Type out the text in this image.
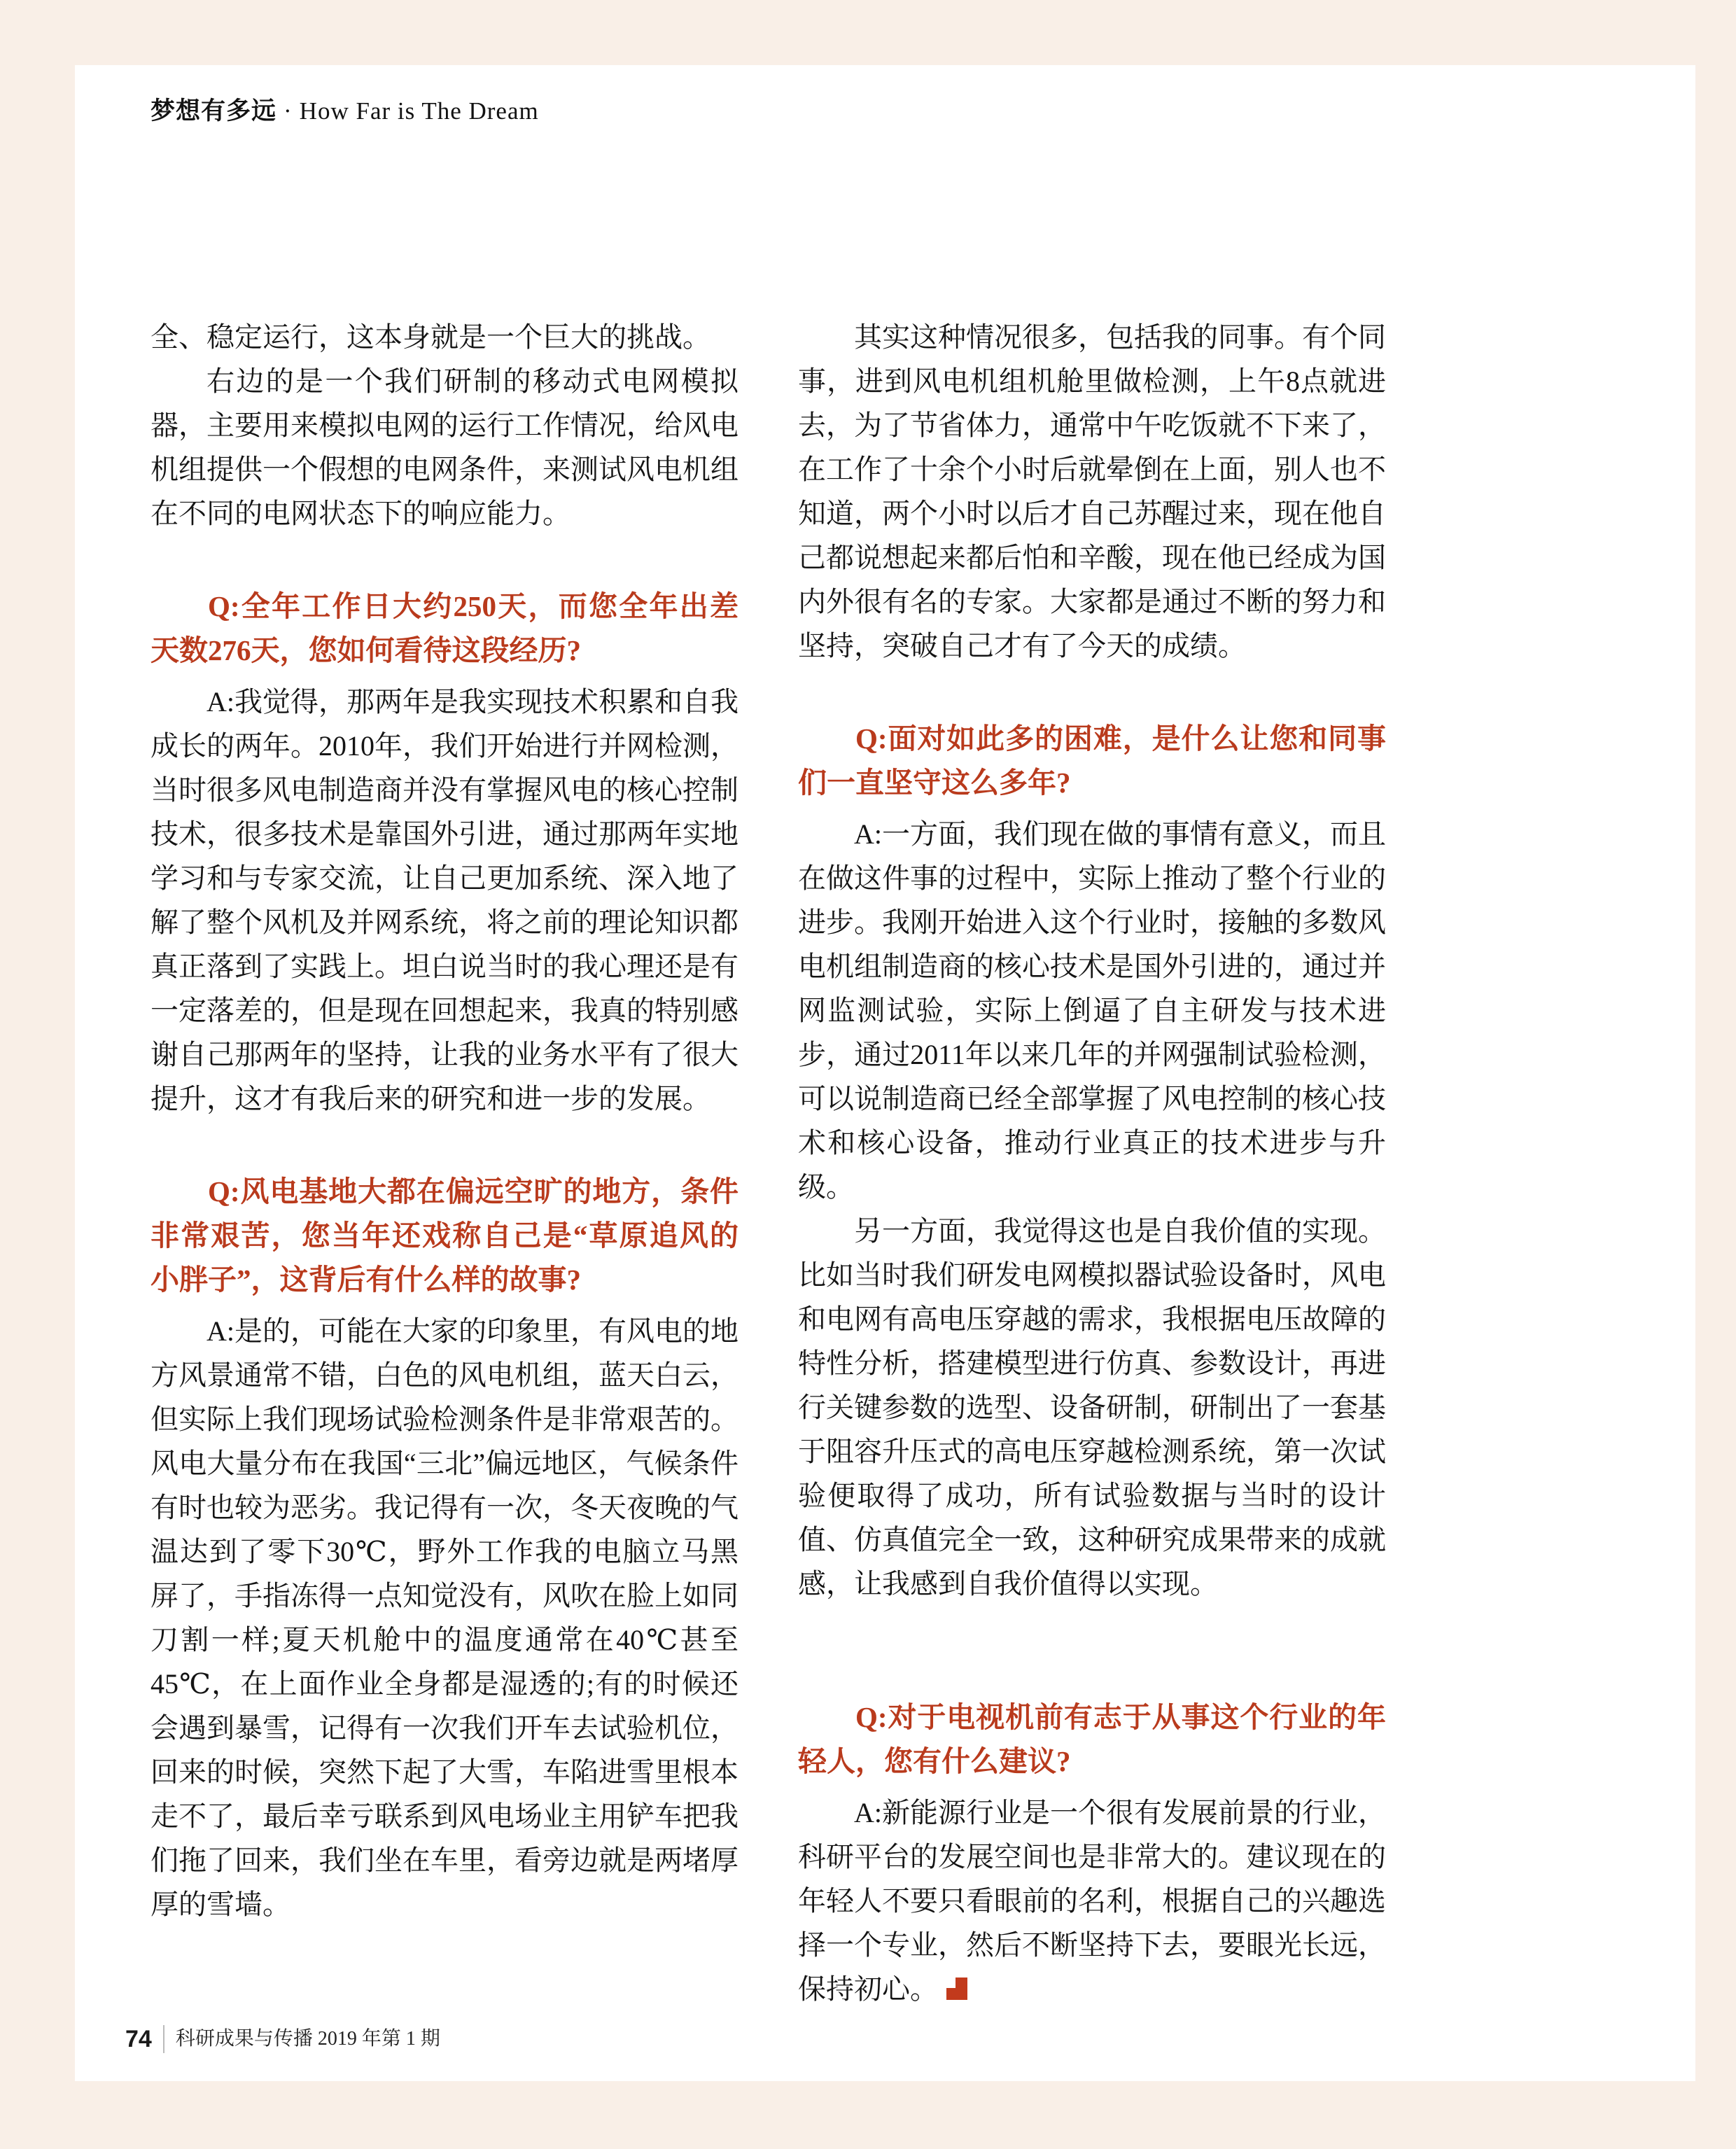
梦想有多远 · How Far is The Dream

全、稳定运行，这本身就是一个巨大的挑战。

右边的是一个我们研制的移动式电网模拟器，主要用来模拟电网的运行工作情况，给风电机组提供一个假想的电网条件，来测试风电机组在不同的电网状态下的响应能力。

Q:全年工作日大约250天，而您全年出差天数276天，您如何看待这段经历?

A:我觉得，那两年是我实现技术积累和自我成长的两年。2010年，我们开始进行并网检测，当时很多风电制造商并没有掌握风电的核心控制技术，很多技术是靠国外引进，通过那两年实地学习和与专家交流，让自己更加系统、深入地了解了整个风机及并网系统，将之前的理论知识都真正落到了实践上。坦白说当时的我心理还是有一定落差的，但是现在回想起来，我真的特别感谢自己那两年的坚持，让我的业务水平有了很大提升，这才有我后来的研究和进一步的发展。

Q:风电基地大都在偏远空旷的地方，条件非常艰苦，您当年还戏称自己是“草原追风的小胖子”，这背后有什么样的故事?

A:是的，可能在大家的印象里，有风电的地方风景通常不错，白色的风电机组，蓝天白云，但实际上我们现场试验检测条件是非常艰苦的。风电大量分布在我国“三北”偏远地区，气候条件有时也较为恶劣。我记得有一次，冬天夜晚的气温达到了零下30℃，野外工作我的电脑立马黑屏了，手指冻得一点知觉没有，风吹在脸上如同刀割一样;夏天机舱中的温度通常在40℃甚至45℃，在上面作业全身都是湿透的;有的时候还会遇到暴雪，记得有一次我们开车去试验机位，回来的时候，突然下起了大雪，车陷进雪里根本走不了，最后幸亏联系到风电场业主用铲车把我们拖了回来，我们坐在车里，看旁边就是两堵厚厚的雪墙。

其实这种情况很多，包括我的同事。有个同事，进到风电机组机舱里做检测，上午8点就进去，为了节省体力，通常中午吃饭就不下来了，在工作了十余个小时后就晕倒在上面，别人也不知道，两个小时以后才自己苏醒过来，现在他自己都说想起来都后怕和辛酸，现在他已经成为国内外很有名的专家。大家都是通过不断的努力和坚持，突破自己才有了今天的成绩。

Q:面对如此多的困难，是什么让您和同事们一直坚守这么多年?

A:一方面，我们现在做的事情有意义，而且在做这件事的过程中，实际上推动了整个行业的进步。我刚开始进入这个行业时，接触的多数风电机组制造商的核心技术是国外引进的，通过并网监测试验，实际上倒逼了自主研发与技术进步，通过2011年以来几年的并网强制试验检测，可以说制造商已经全部掌握了风电控制的核心技术和核心设备，推动行业真正的技术进步与升级。

另一方面，我觉得这也是自我价值的实现。比如当时我们研发电网模拟器试验设备时，风电和电网有高电压穿越的需求，我根据电压故障的特性分析，搭建模型进行仿真、参数设计，再进行关键参数的选型、设备研制，研制出了一套基于阻容升压式的高电压穿越检测系统，第一次试验便取得了成功，所有试验数据与当时的设计值、仿真值完全一致，这种研究成果带来的成就感，让我感到自我价值得以实现。

Q:对于电视机前有志于从事这个行业的年轻人，您有什么建议?

A:新能源行业是一个很有发展前景的行业，科研平台的发展空间也是非常大的。建议现在的年轻人不要只看眼前的名利，根据自己的兴趣选择一个专业，然后不断坚持下去，要眼光长远，保持初心。

74	科研成果与传播 2019 年第 1 期
